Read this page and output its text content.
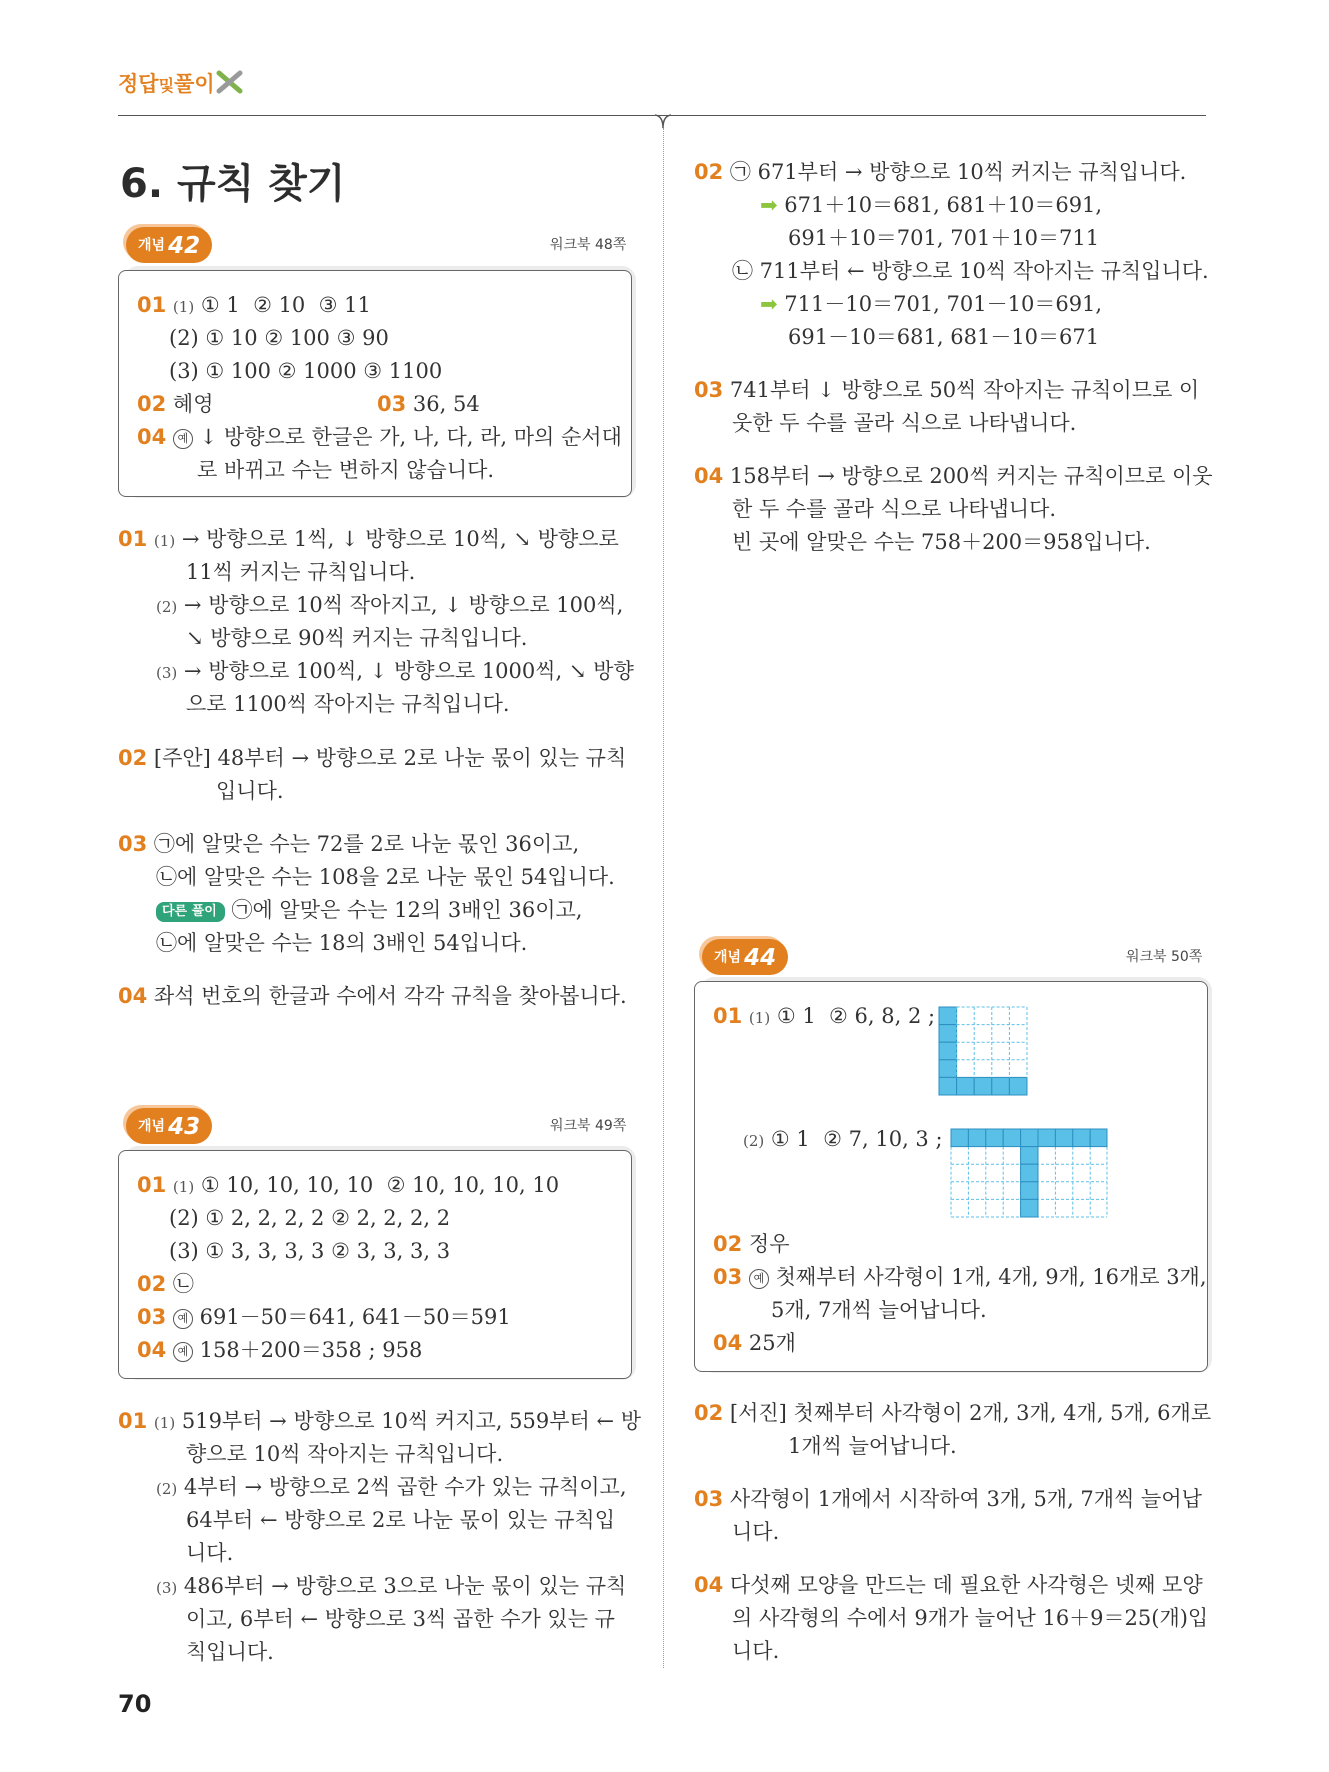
정답및풀이
6. 규칙 찾기
개념 42	워크북 48쪽
01 (1) ① 1  ② 10  ③ 11
(2) ① 10 ② 100 ③ 90
(3) ① 100 ② 1000 ③ 1100
02 혜영	03 36, 54
04 예 ↓ 방향으로 한글은 가, 나, 다, 라, 마의 순서대
로 바뀌고 수는 변하지 않습니다.
01 (1) → 방향으로 1씩, ↓ 방향으로 10씩, ↘ 방향으로
11씩 커지는 규칙입니다.
(2) → 방향으로 10씩 작아지고, ↓ 방향으로 100씩,
↘ 방향으로 90씩 커지는 규칙입니다.
(3) → 방향으로 100씩, ↓ 방향으로 1000씩, ↘ 방향
으로 1100씩 작아지는 규칙입니다.
02 [주안] 48부터 → 방향으로 2로 나눈 몫이 있는 규칙
입니다.
03 ㉠에 알맞은 수는 72를 2로 나눈 몫인 36이고,
㉡에 알맞은 수는 108을 2로 나눈 몫인 54입니다.
다른 풀이 ㉠에 알맞은 수는 12의 3배인 36이고,
㉡에 알맞은 수는 18의 3배인 54입니다.
04 좌석 번호의 한글과 수에서 각각 규칙을 찾아봅니다.
개념 43	워크북 49쪽
01 (1) ① 10, 10, 10, 10  ② 10, 10, 10, 10
(2) ① 2, 2, 2, 2 ② 2, 2, 2, 2
(3) ① 3, 3, 3, 3 ② 3, 3, 3, 3
02 ㉡
03 예 691－50＝641, 641－50＝591
04 예 158＋200＝358 ; 958
01 (1) 519부터 → 방향으로 10씩 커지고, 559부터 ← 방
향으로 10씩 작아지는 규칙입니다.
(2) 4부터 → 방향으로 2씩 곱한 수가 있는 규칙이고,
64부터 ← 방향으로 2로 나눈 몫이 있는 규칙입
니다.
(3) 486부터 → 방향으로 3으로 나눈 몫이 있는 규칙
이고, 6부터 ← 방향으로 3씩 곱한 수가 있는 규
칙입니다.
02 ㉠ 671부터 → 방향으로 10씩 커지는 규칙입니다.
➡ 671＋10＝681, 681＋10＝691,
691＋10＝701, 701＋10＝711
㉡ 711부터 ← 방향으로 10씩 작아지는 규칙입니다.
➡ 711－10＝701, 701－10＝691,
691－10＝681, 681－10＝671
03 741부터 ↓ 방향으로 50씩 작아지는 규칙이므로 이
웃한 두 수를 골라 식으로 나타냅니다.
04 158부터 → 방향으로 200씩 커지는 규칙이므로 이웃
한 두 수를 골라 식으로 나타냅니다.
빈 곳에 알맞은 수는 758＋200＝958입니다.
개념 44	워크북 50쪽
01 (1) ① 1  ② 6, 8, 2 ;
(2) ① 1  ② 7, 10, 3 ;
02 정우
03 예 첫째부터 사각형이 1개, 4개, 9개, 16개로 3개,
5개, 7개씩 늘어납니다.
04 25개
02 [서진] 첫째부터 사각형이 2개, 3개, 4개, 5개, 6개로
1개씩 늘어납니다.
03 사각형이 1개에서 시작하여 3개, 5개, 7개씩 늘어납
니다.
04 다섯째 모양을 만드는 데 필요한 사각형은 넷째 모양
의 사각형의 수에서 9개가 늘어난 16＋9＝25(개)입
니다.
70
